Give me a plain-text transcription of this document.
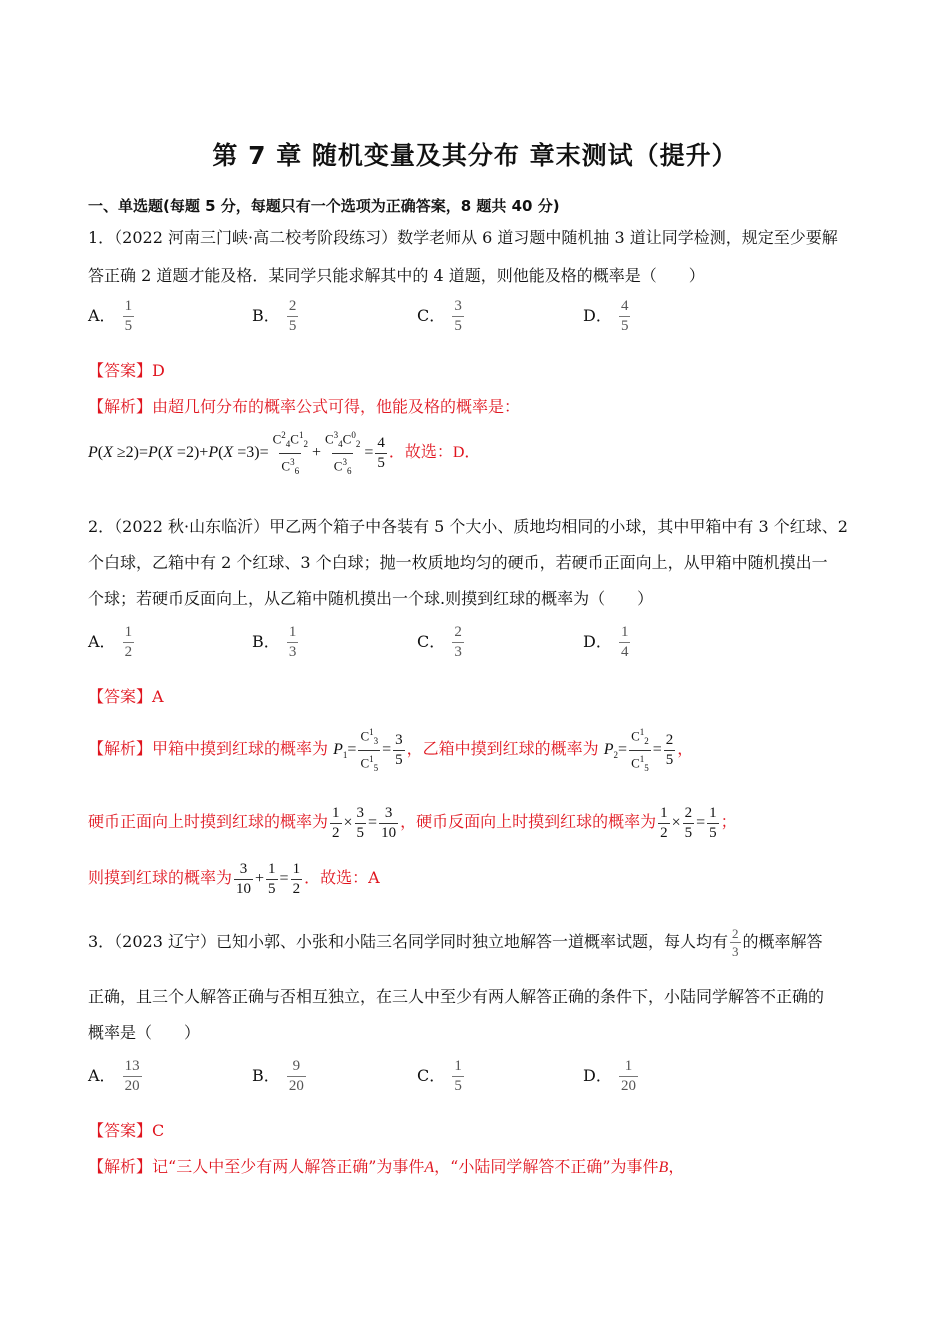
第 7 章 随机变量及其分布 章末测试（提升）
一、单选题(每题 5 分，每题只有一个选项为正确答案，8 题共 40 分)
1．（2022 河南三门峡·高二校考阶段练习）数学老师从 6 道习题中随机抽 3 道让同学检测，规定至少要解
答正确 2 道题才能及格．某同学只能求解其中的 4 道题，则他能及格的概率是（　　）
A． $\frac{1}{5}$	B． $\frac{2}{5}$	C． $\frac{3}{5}$	D． $\frac{4}{5}$
【答案】D
【解析】由超几何分布的概率公式可得，他能及格的概率是：
$P(X \ge 2)=P(X =2)+P(X =3)= \frac{C^2_4C^1_2}{C^3_6} + \frac{C^3_4C^0_2}{C^3_6} = \frac{4}{5}$ ．故选：D．
2．（2022 秋·山东临沂）甲乙两个箱子中各装有 5 个大小、质地均相同的小球，其中甲箱中有 3 个红球、2
个白球，乙箱中有 2 个红球、3 个白球；抛一枚质地均匀的硬币，若硬币正面向上，从甲箱中随机摸出一
个球；若硬币反面向上，从乙箱中随机摸出一个球.则摸到红球的概率为（　　）
A． $\frac{1}{2}$	B． $\frac{1}{3}$	C． $\frac{2}{3}$	D． $\frac{1}{4}$
【答案】A
【解析】甲箱中摸到红球的概率为 $P_1= \frac{C^1_3}{C^1_5} = \frac{3}{5}$ ，乙箱中摸到红球的概率为 $P_2= \frac{C^1_2}{C^1_5} = \frac{2}{5}$ ，
硬币正面向上时摸到红球的概率为 $\frac{1}{2} \times \frac{3}{5} = \frac{3}{10}$ ，硬币反面向上时摸到红球的概率为 $\frac{1}{2} \times \frac{2}{5} = \frac{1}{5}$ ；
则摸到红球的概率为 $\frac{3}{10} + \frac{1}{5} = \frac{1}{2}$ ．故选：A
3．（2023 辽宁）已知小郭、小张和小陆三名同学同时独立地解答一道概率试题，每人均有 $\frac{2}{3}$ 的概率解答
正确，且三个人解答正确与否相互独立，在三人中至少有两人解答正确的条件下，小陆同学解答不正确的
概率是（　　）
A． $\frac{13}{20}$	B． $\frac{9}{20}$	C． $\frac{1}{5}$	D． $\frac{1}{20}$
【答案】C
【解析】记“三人中至少有两人解答正确”为事件A，“小陆同学解答不正确”为事件B，
